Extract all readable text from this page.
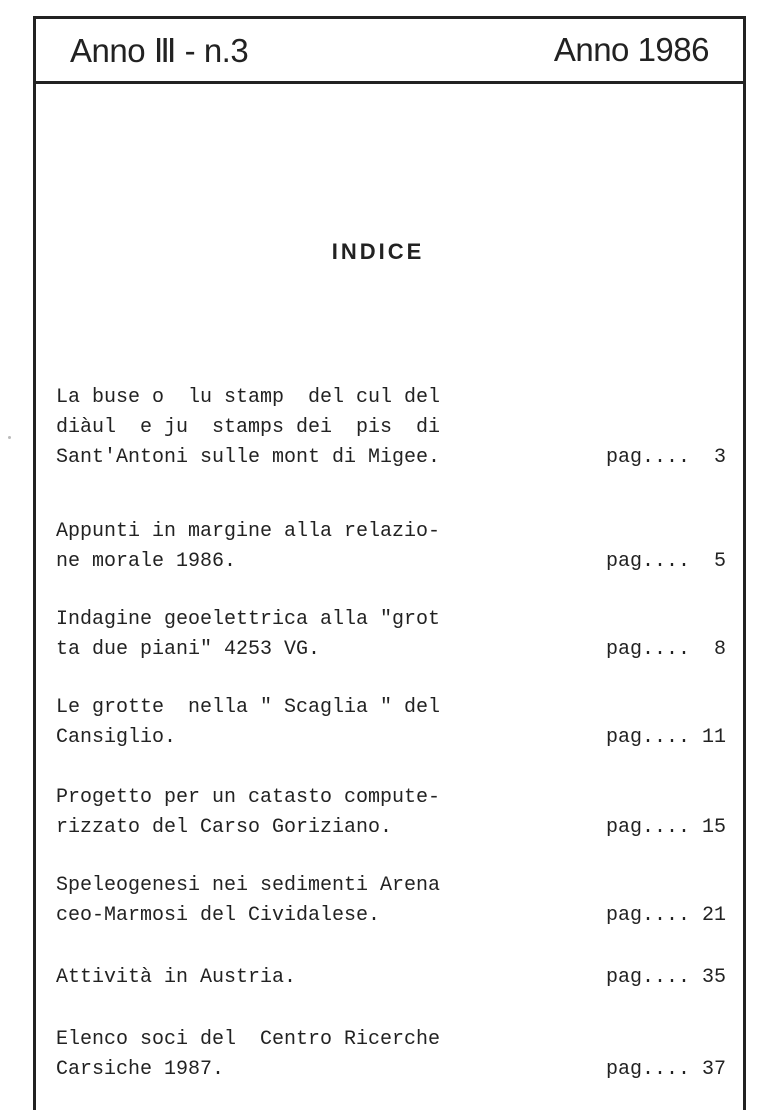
Anno Ⅲ - n.3	Anno 1986
INDICE
La buse o  lu stamp  del cul del
diàul  e ju  stamps dei  pis  di
Sant'Antoni sulle mont di Migee.	pag....  3
Appunti in margine alla relazio-
ne morale 1986.	pag....  5
Indagine geoelettrica alla "grot
ta due piani" 4253 VG.	pag....  8
Le grotte  nella " Scaglia " del
Cansiglio.	pag.... 11
Progetto per un catasto compute-
rizzato del Carso Goriziano.	pag.... 15
Speleogenesi nei sedimenti Arena
ceo-Marmosi del Cividalese.	pag.... 21
Attività in Austria.	pag.... 35
Elenco soci del  Centro Ricerche
Carsiche 1987.	pag.... 37
